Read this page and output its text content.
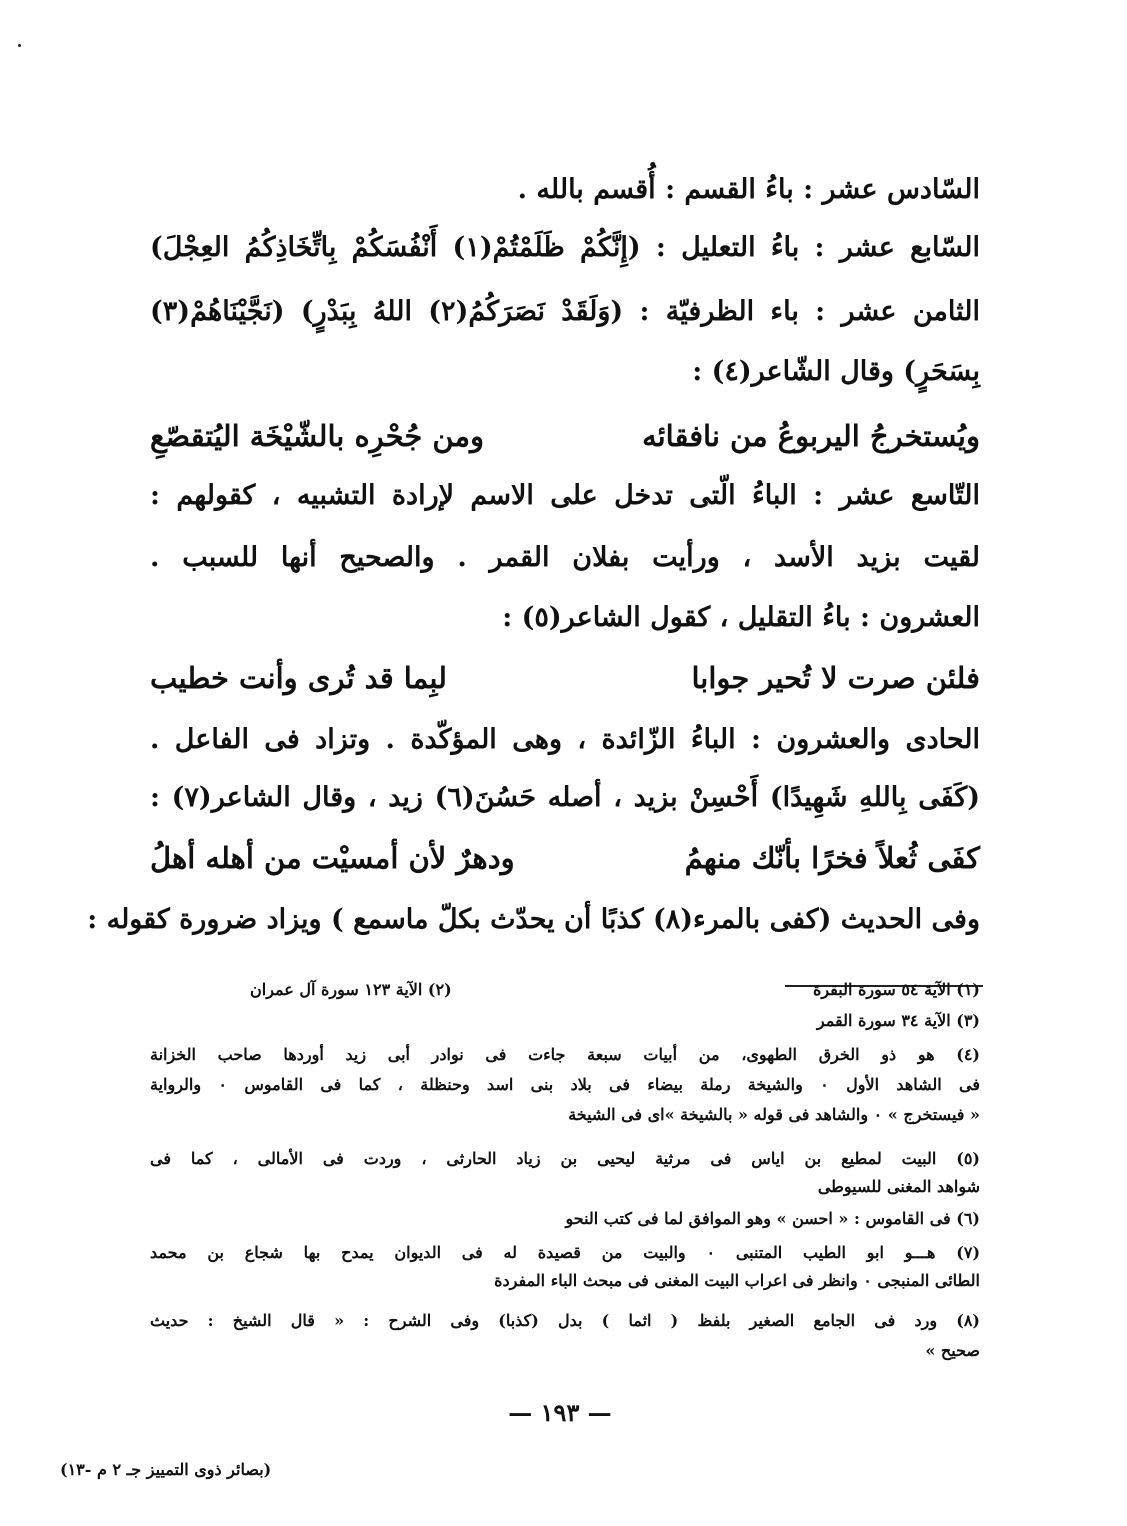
السّادس عشر : باءُ القسم : أُقسم بالله .
السّابع عشر : باءُ التعليل : (إِنَّكُمْ ظَلَمْتُمْ(١) أَنْفُسَكُمْ بِاتِّخَاذِكُمُ العِجْلَ)
الثامن عشر : باء الظرفيّة : (وَلَقَدْ نَصَرَكُمُ(٢) اللهُ بِبَدْرٍ) (نَجَّيْنَاهُمْ(٣)
بِسَحَرٍ) وقال الشّاعر(٤) :
ويُستخرجُ اليربوعُ من نافقائه
ومن جُحْرِه بالشّيْخَة اليُتقصّعِ
التّاسع عشر : الباءُ الّتى تدخل على الاسم لإرادة التشبيه ، كقولهم :
لقيت بزيد الأسد ، ورأيت بفلان القمر . والصحيح أنها للسبب .
العشرون : باءُ التقليل ، كقول الشاعر(٥) :
فلئن صرت لا تُحير جوابا
لبِما قد تُرى وأنت خطيب
الحادى والعشرون : الباءُ الزّائدة ، وهى المؤكّدة . وتزاد فى الفاعل .
(كَفَى بِاللهِ شَهِيدًا) أَحْسِنْ بزيد ، أصله حَسُنَ(٦) زيد ، وقال الشاعر(٧) :
كفَى ثُعلاً فخرًا بأنّك منهمُ
ودهرٌ لأن أمسيْت من أهله أهلُ
وفى الحديث (كفى بالمرء(٨) كذبًا أن يحدّث بكلّ ماسمع ) ويزاد ضرورة كقوله :
(١) الآية ٥٤ سورة البقرة
(٢) الآية ١٢٣ سورة آل عمران
(٣) الآية ٣٤ سورة القمر
(٤) هو ذو الخرق الطهوى، من أبيات سبعة جاءت فى نوادر أبى زيد أوردها صاحب الخزانة
فى الشاهد الأول ٠ والشيخة رملة بيضاء فى بلاد بنى اسد وحنظلة ، كما فى القاموس ٠ والرواية
« فيستخرج » ٠ والشاهد فى قوله « بالشيخة »اى فى الشيخة
(٥) البيت لمطيع بن اياس فى مرثية ليحيى بن زياد الحارثى ، وردت فى الأمالى ، كما فى
شواهد المغنى للسيوطى
(٦) فى القاموس : « احسن » وهو الموافق لما فى كتب النحو
(٧) هـــو ابو الطيب المتنبى ٠ والبيت من قصيدة له فى الديوان يمدح بها شجاع بن محمد
الطائى المنبجى ٠ وانظر فى اعراب البيت المغنى فى مبحث الباء المفردة
(٨) ورد فى الجامع الصغير بلفظ ( اثما ) بدل (كذبا) وفى الشرح : « قال الشيخ : حديث
صحيح »
— ١٩٣ —
(بصائر ذوى التمييز جـ ٢ م -١٣)
